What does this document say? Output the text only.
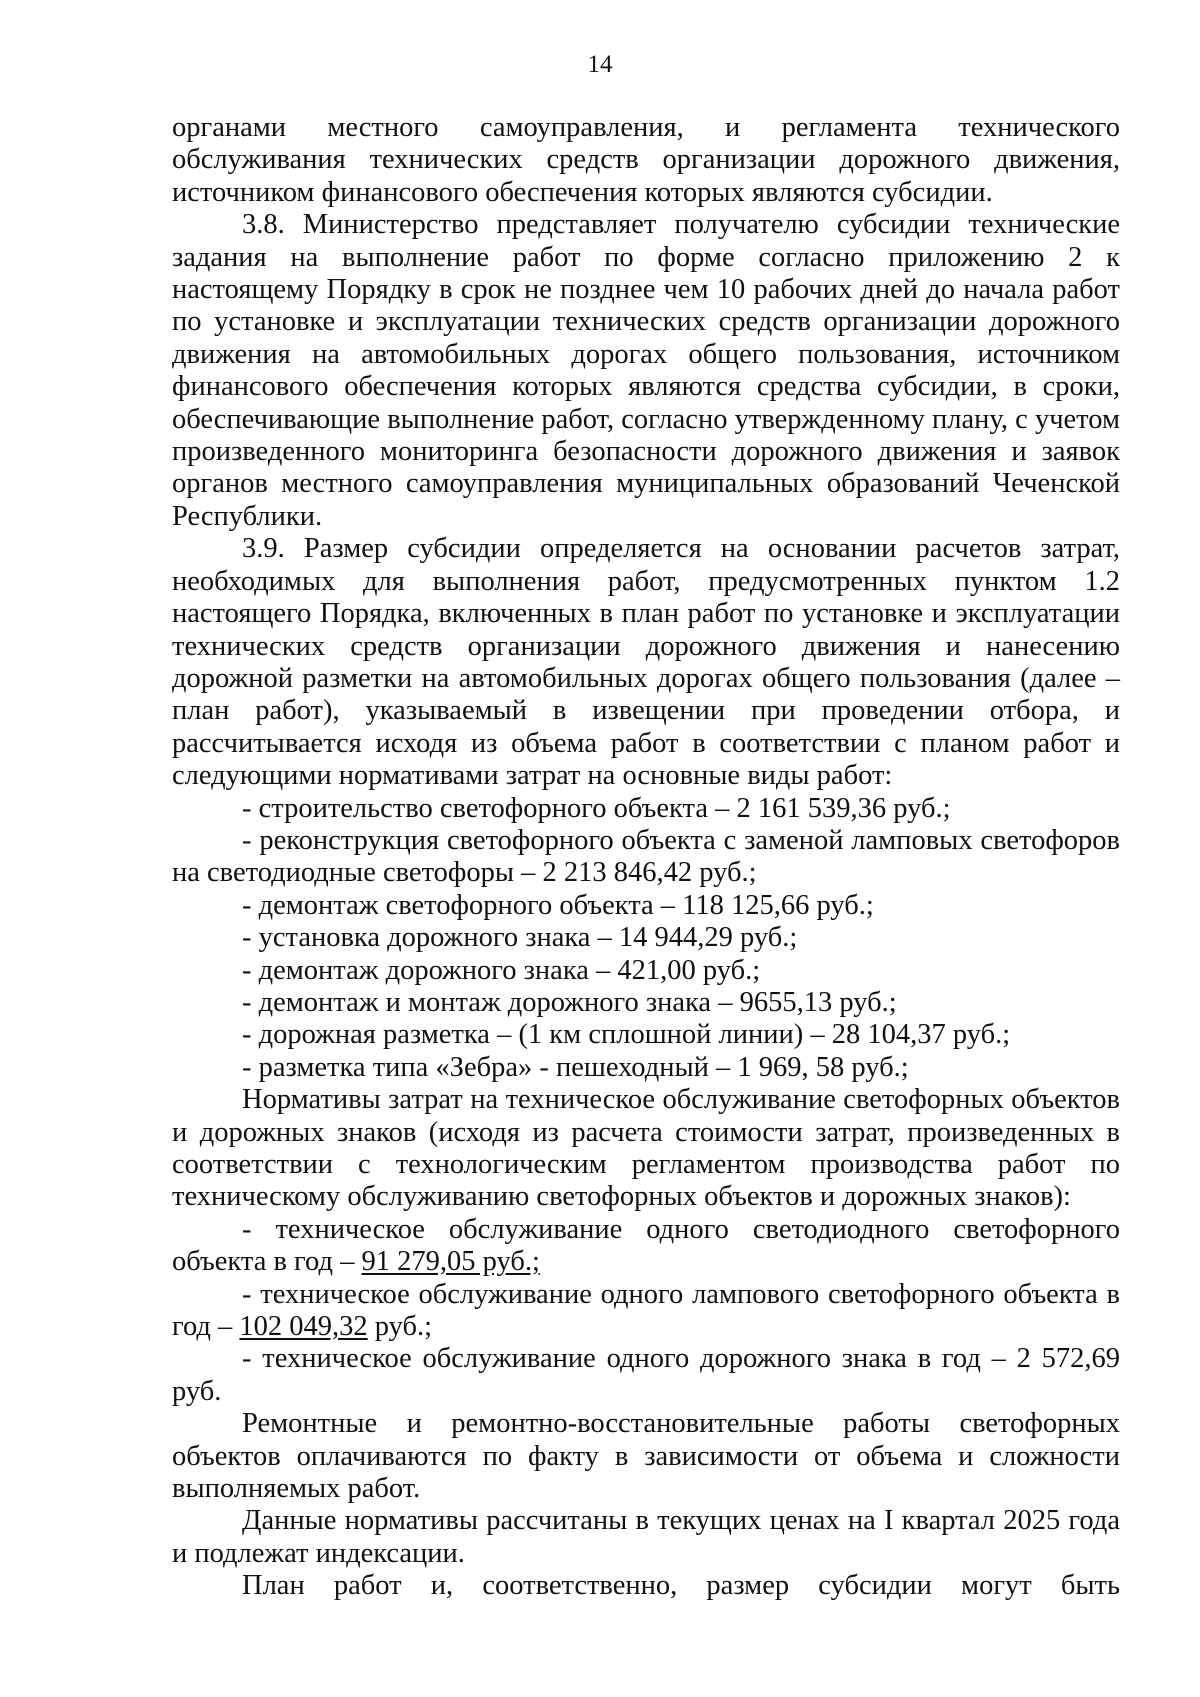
14

органами местного самоуправления, и регламента технического обслуживания технических средств организации дорожного движения, источником финансового обеспечения которых являются субсидии.

3.8. Министерство представляет получателю субсидии технические задания на выполнение работ по форме согласно приложению 2 к настоящему Порядку в срок не позднее чем 10 рабочих дней до начала работ по установке и эксплуатации технических средств организации дорожного движения на автомобильных дорогах общего пользования, источником финансового обеспечения которых являются средства субсидии, в сроки, обеспечивающие выполнение работ, согласно утвержденному плану, с учетом произведенного мониторинга безопасности дорожного движения и заявок органов местного самоуправления муниципальных образований Чеченской Республики.

3.9. Размер субсидии определяется на основании расчетов затрат, необходимых для выполнения работ, предусмотренных пунктом 1.2 настоящего Порядка, включенных в план работ по установке и эксплуатации технических средств организации дорожного движения и нанесению дорожной разметки на автомобильных дорогах общего пользования (далее – план работ), указываемый в извещении при проведении отбора, и рассчитывается исходя из объема работ в соответствии с планом работ и следующими нормативами затрат на основные виды работ:

- строительство светофорного объекта – 2 161 539,36 руб.;

- реконструкция светофорного объекта с заменой ламповых светофоров на светодиодные светофоры – 2 213 846,42 руб.;

- демонтаж светофорного объекта – 118 125,66 руб.;

- установка дорожного знака – 14 944,29 руб.;

- демонтаж дорожного знака – 421,00 руб.;

- демонтаж и монтаж дорожного знака – 9655,13 руб.;

- дорожная разметка – (1 км сплошной линии) – 28 104,37 руб.;

- разметка типа «Зебра» - пешеходный – 1 969, 58 руб.;

Нормативы затрат на техническое обслуживание светофорных объектов и дорожных знаков (исходя из расчета стоимости затрат, произведенных в соответствии с технологическим регламентом производства работ по техническому обслуживанию светофорных объектов и дорожных знаков):

- техническое обслуживание одного светодиодного светофорного объекта в год – 91 279,05 руб.;

- техническое обслуживание одного лампового светофорного объекта в год – 102 049,32 руб.;

- техническое обслуживание одного дорожного знака в год – 2 572,69 руб.

Ремонтные и ремонтно-восстановительные работы светофорных объектов оплачиваются по факту в зависимости от объема и сложности выполняемых работ.

Данные нормативы рассчитаны в текущих ценах на I квартал 2025 года и подлежат индексации.

План работ и, соответственно, размер субсидии могут быть
